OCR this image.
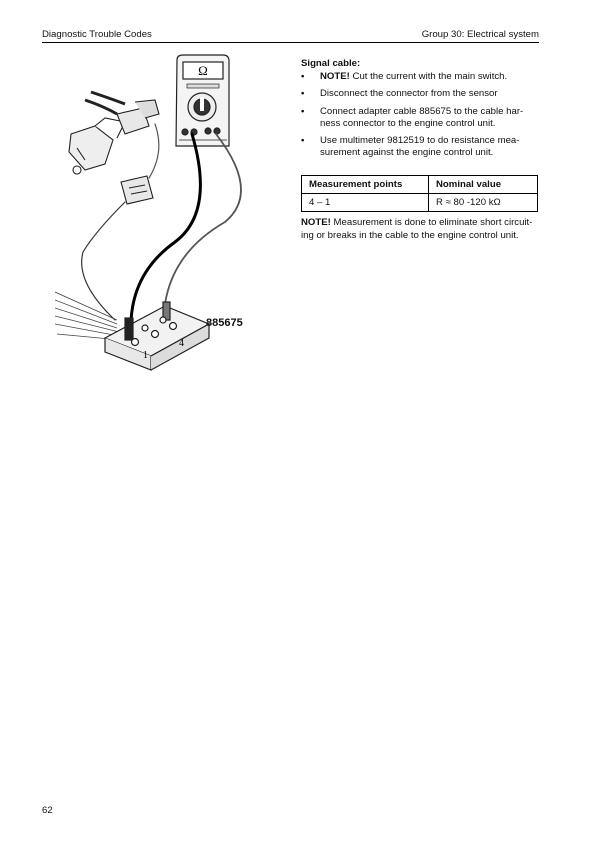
Diagnostic Trouble Codes	Group 30: Electrical system
Ω
4
1
885675
Signal cable:
• NOTE! Cut the current with the main switch.
• Disconnect the connector from the sensor
• Connect adapter cable 885675 to the cable har-ness connector to the engine control unit.
• Use multimeter 9812519 to do resistance mea-surement against the engine control unit.
Measurement points	Nominal value
4 – 1	R ≈ 80 -120 kΩ
NOTE! Measurement is done to eliminate short circuit-ing or breaks in the cable to the engine control unit.
62
